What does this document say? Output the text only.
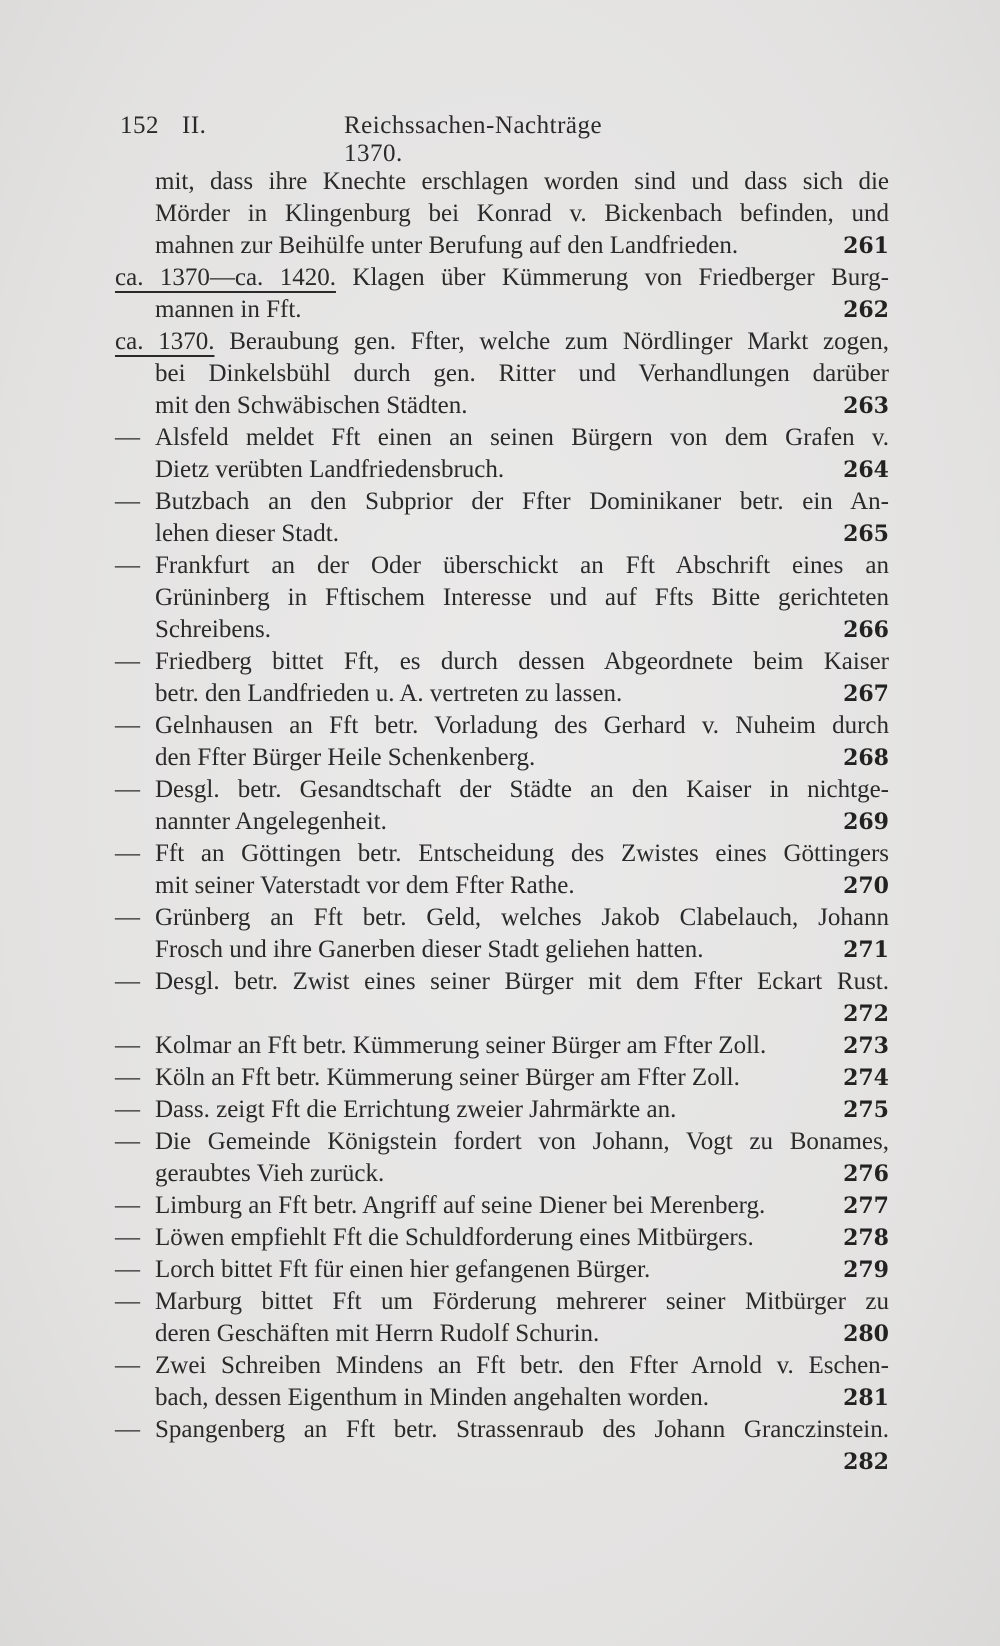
152 II.	Reichssachen-Nachträge 1370.
mit, dass ihre Knechte erschlagen worden sind und dass sich die
Mörder in Klingenburg bei Konrad v. Bickenbach befinden, und
mahnen zur Beihülfe unter Berufung auf den Landfrieden.	261
ca. 1370—ca. 1420. Klagen über Kümmerung von Friedberger Burg-
mannen in Fft.	262
ca. 1370. Beraubung gen. Ffter, welche zum Nördlinger Markt zogen,
bei Dinkelsbühl durch gen. Ritter und Verhandlungen darüber
mit den Schwäbischen Städten.	263
— Alsfeld meldet Fft einen an seinen Bürgern von dem Grafen v.
Dietz verübten Landfriedensbruch.	264
— Butzbach an den Subprior der Ffter Dominikaner betr. ein An-
lehen dieser Stadt.	265
— Frankfurt an der Oder überschickt an Fft Abschrift eines an
Grüninberg in Fftischem Interesse und auf Ffts Bitte gerichteten
Schreibens.	266
— Friedberg bittet Fft, es durch dessen Abgeordnete beim Kaiser
betr. den Landfrieden u. A. vertreten zu lassen.	267
— Gelnhausen an Fft betr. Vorladung des Gerhard v. Nuheim durch
den Ffter Bürger Heile Schenkenberg.	268
— Desgl. betr. Gesandtschaft der Städte an den Kaiser in nichtge-
nannter Angelegenheit.	269
— Fft an Göttingen betr. Entscheidung des Zwistes eines Göttingers
mit seiner Vaterstadt vor dem Ffter Rathe.	270
— Grünberg an Fft betr. Geld, welches Jakob Clabelauch, Johann
Frosch und ihre Ganerben dieser Stadt geliehen hatten.	271
— Desgl. betr. Zwist eines seiner Bürger mit dem Ffter Eckart Rust.
272
— Kolmar an Fft betr. Kümmerung seiner Bürger am Ffter Zoll.	273
— Köln an Fft betr. Kümmerung seiner Bürger am Ffter Zoll.	274
— Dass. zeigt Fft die Errichtung zweier Jahrmärkte an.	275
— Die Gemeinde Königstein fordert von Johann, Vogt zu Bonames,
geraubtes Vieh zurück.	276
— Limburg an Fft betr. Angriff auf seine Diener bei Merenberg.	277
— Löwen empfiehlt Fft die Schuldforderung eines Mitbürgers.	278
— Lorch bittet Fft für einen hier gefangenen Bürger.	279
— Marburg bittet Fft um Förderung mehrerer seiner Mitbürger zu
deren Geschäften mit Herrn Rudolf Schurin.	280
— Zwei Schreiben Mindens an Fft betr. den Ffter Arnold v. Eschen-
bach, dessen Eigenthum in Minden angehalten worden.	281
— Spangenberg an Fft betr. Strassenraub des Johann Granczinstein.
282
